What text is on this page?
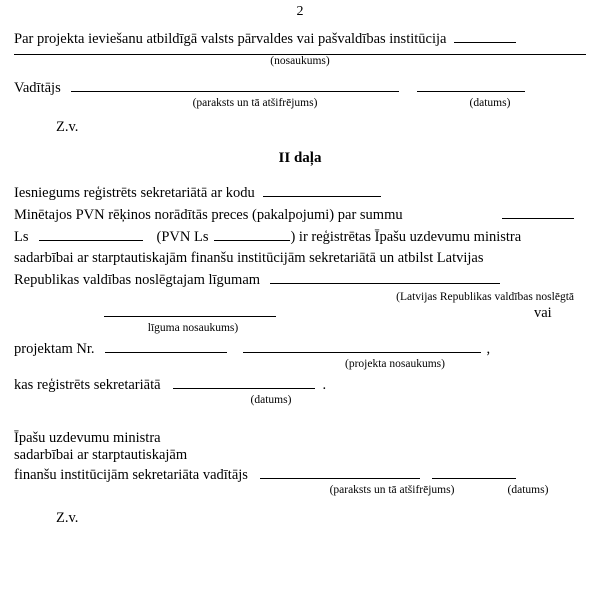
2
Par projekta ieviešanu atbildīgā valsts pārvaldes vai pašvaldības institūcija
(nosaukums)
Vadītājs
(paraksts un tā atšifrējums)	(datums)
Z.v.
II daļa
Iesniegums reģistrēts sekretariātā ar kodu
Minētajos PVN rēķinos norādītās preces (pakalpojumi) par summu
Ls	(PVN Ls	) ir reģistrētas Īpašu uzdevumu ministra
sadarbībai ar starptautiskajām finanšu institūcijām sekretariātā un atbilst Latvijas
Republikas valdības noslēgtajam līgumam
(Latvijas Republikas valdības noslēgtā
vai
līguma nosaukums)
projektam Nr.	,
(projekta nosaukums)
kas reģistrēts sekretariātā	.
(datums)
Īpašu uzdevumu ministra
sadarbībai ar starptautiskajām
finanšu institūcijām sekretariāta vadītājs
(paraksts un tā atšifrējums)	(datums)
Z.v.
